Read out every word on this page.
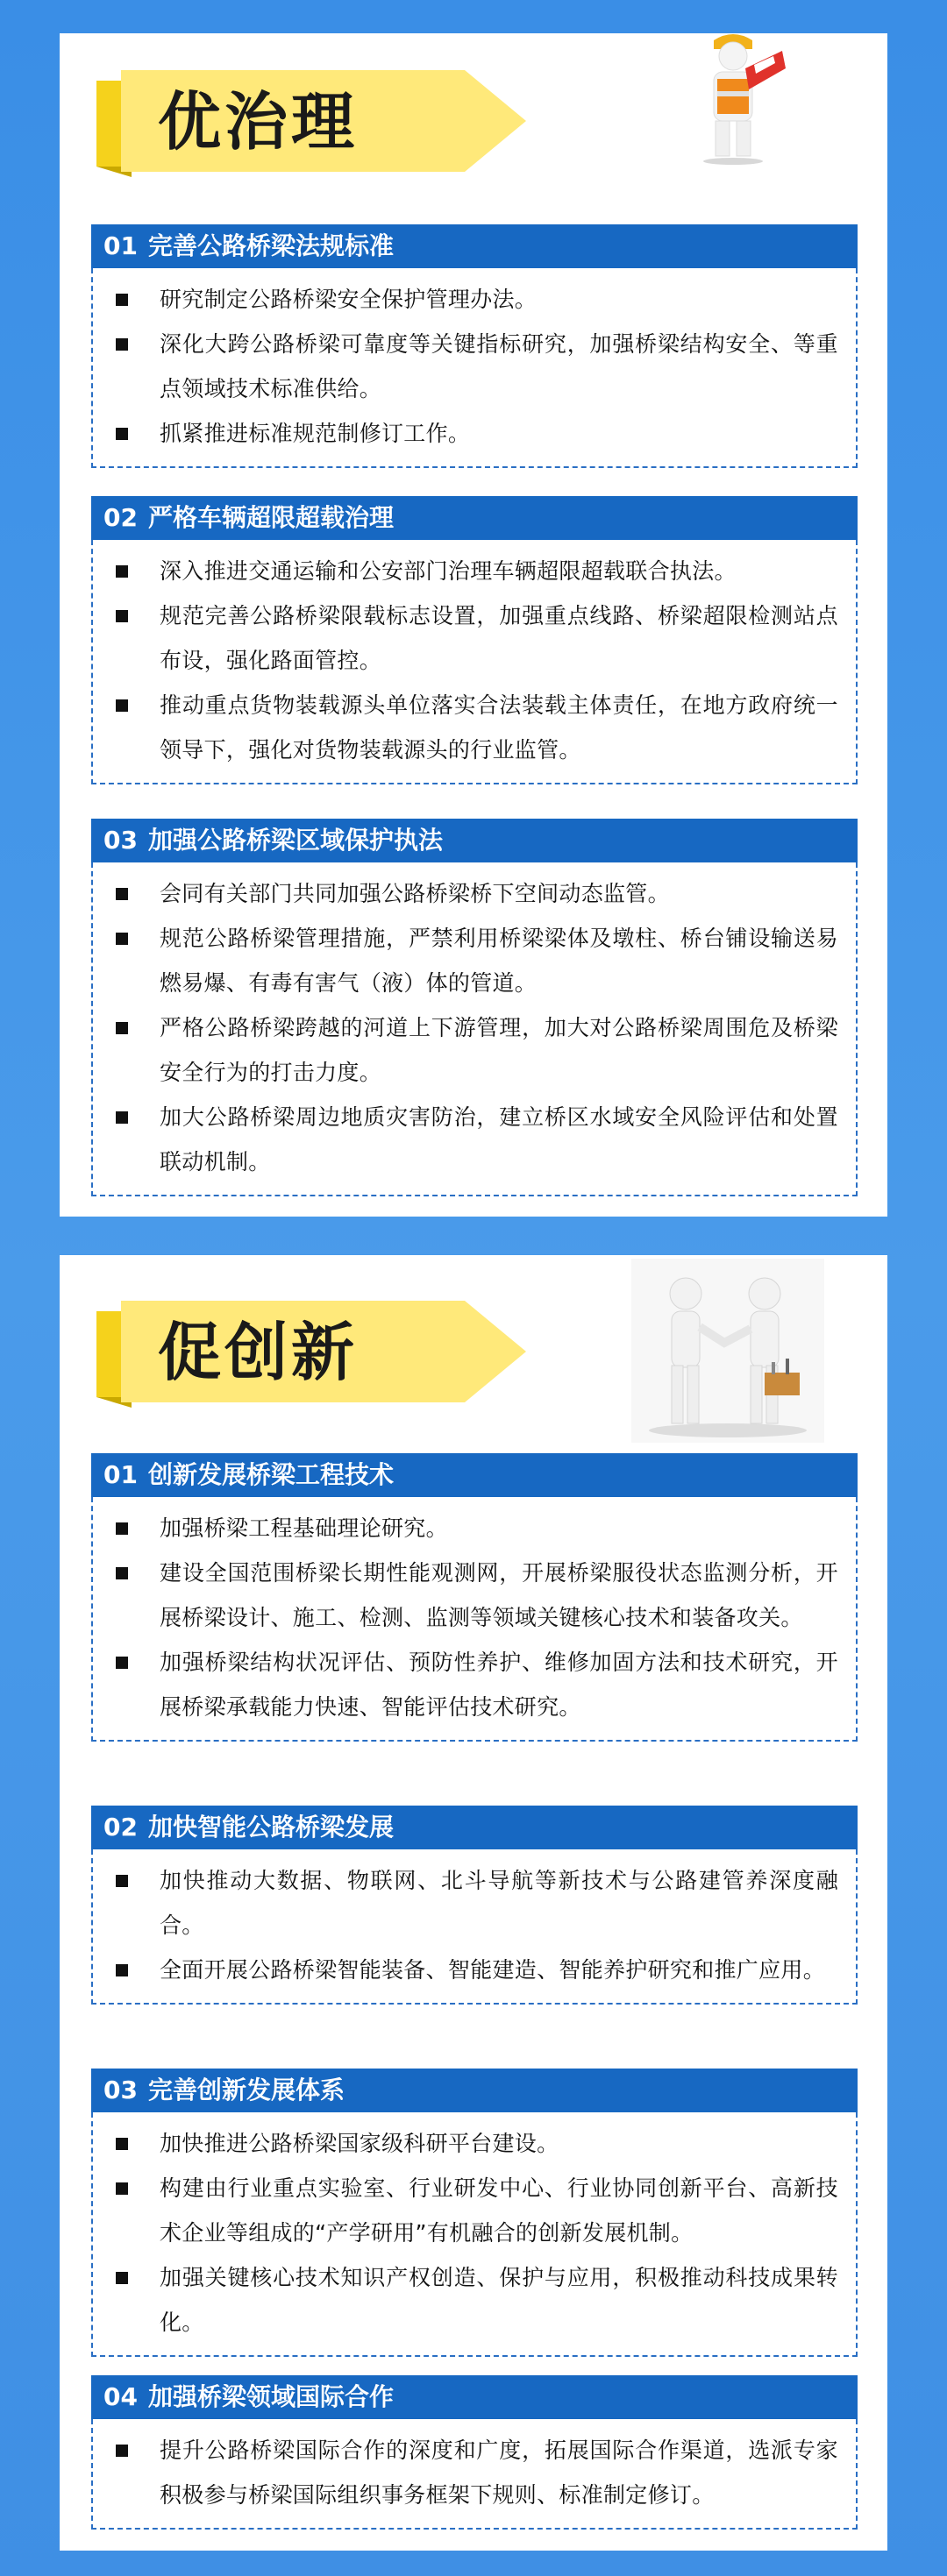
优治理
01 完善公路桥梁法规标准
研究制定公路桥梁安全保护管理办法。
深化大跨公路桥梁可靠度等关键指标研究，加强桥梁结构安全、等重点领域技术标准供给。
抓紧推进标准规范制修订工作。
02 严格车辆超限超载治理
深入推进交通运输和公安部门治理车辆超限超载联合执法。
规范完善公路桥梁限载标志设置，加强重点线路、桥梁超限检测站点布设，强化路面管控。
推动重点货物装载源头单位落实合法装载主体责任，在地方政府统一领导下，强化对货物装载源头的行业监管。
03 加强公路桥梁区域保护执法
会同有关部门共同加强公路桥梁桥下空间动态监管。
规范公路桥梁管理措施，严禁利用桥梁梁体及墩柱、桥台铺设输送易燃易爆、有毒有害气（液）体的管道。
严格公路桥梁跨越的河道上下游管理，加大对公路桥梁周围危及桥梁安全行为的打击力度。
加大公路桥梁周边地质灾害防治，建立桥区水域安全风险评估和处置联动机制。
促创新
01 创新发展桥梁工程技术
加强桥梁工程基础理论研究。
建设全国范围桥梁长期性能观测网，开展桥梁服役状态监测分析，开展桥梁设计、施工、检测、监测等领域关键核心技术和装备攻关。
加强桥梁结构状况评估、预防性养护、维修加固方法和技术研究，开展桥梁承载能力快速、智能评估技术研究。
02 加快智能公路桥梁发展
加快推动大数据、物联网、北斗导航等新技术与公路建管养深度融合。
全面开展公路桥梁智能装备、智能建造、智能养护研究和推广应用。
03 完善创新发展体系
加快推进公路桥梁国家级科研平台建设。
构建由行业重点实验室、行业研发中心、行业协同创新平台、高新技术企业等组成的“产学研用”有机融合的创新发展机制。
加强关键核心技术知识产权创造、保护与应用，积极推动科技成果转化。
04 加强桥梁领域国际合作
提升公路桥梁国际合作的深度和广度，拓展国际合作渠道，选派专家积极参与桥梁国际组织事务框架下规则、标准制定修订。
